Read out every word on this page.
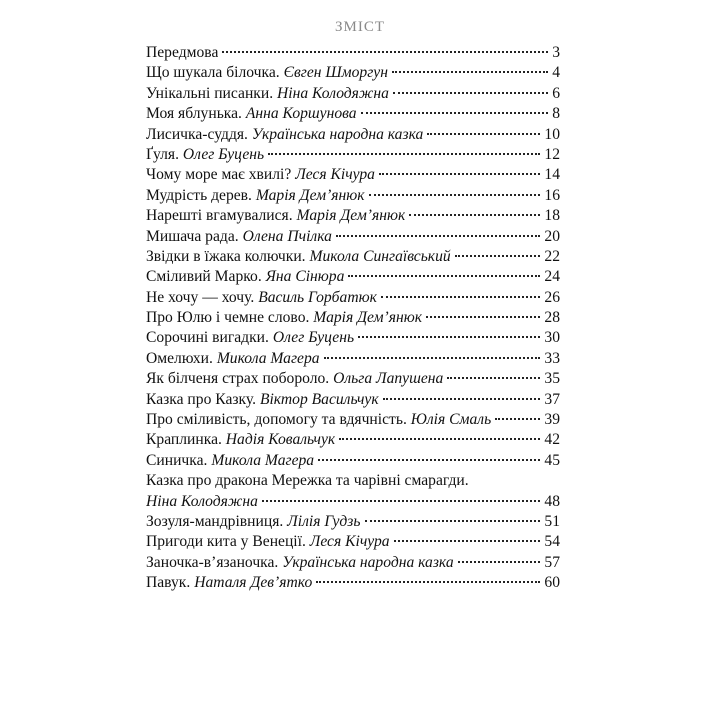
ЗМІСТ
Передмова	3
Що шукала білочка. Євген Шморгун	4
Унікальні писанки. Ніна Колодяжна	6
Моя яблунька. Анна Коршунова	8
Лисичка-суддя. Українська народна казка	10
Ґуля. Олег Буцень	12
Чому море має хвилі? Леся Кічура	14
Мудрість дерев. Марія Дем’янюк	16
Нарешті вгамувалися. Марія Дем’янюк	18
Мишача рада. Олена Пчілка	20
Звідки в їжака колючки. Микола Сингаївський	22
Сміливий Марко. Яна Сінюра	24
Не хочу — хочу. Василь Горбатюк	26
Про Юлю і чемне слово. Марія Дем’янюк	28
Сорочині вигадки. Олег Буцень	30
Омелюхи. Микола Магера	33
Як білченя страх побороло. Ольга Лапушена	35
Казка про Казку. Віктор Васильчук	37
Про сміливість, допомогу та вдячність. Юлія Смаль	39
Краплинка. Надія Ковальчук	42
Синичка. Микола Магера	45
Казка про дракона Мережка та чарівні смарагди.
Ніна Колодяжна	48
Зозуля-мандрівниця. Лілія Гудзь	51
Пригоди кита у Венеції. Леся Кічура	54
Заночка-в’язаночка. Українська народна казка	57
Павук. Наталя Дев’ятко	60
